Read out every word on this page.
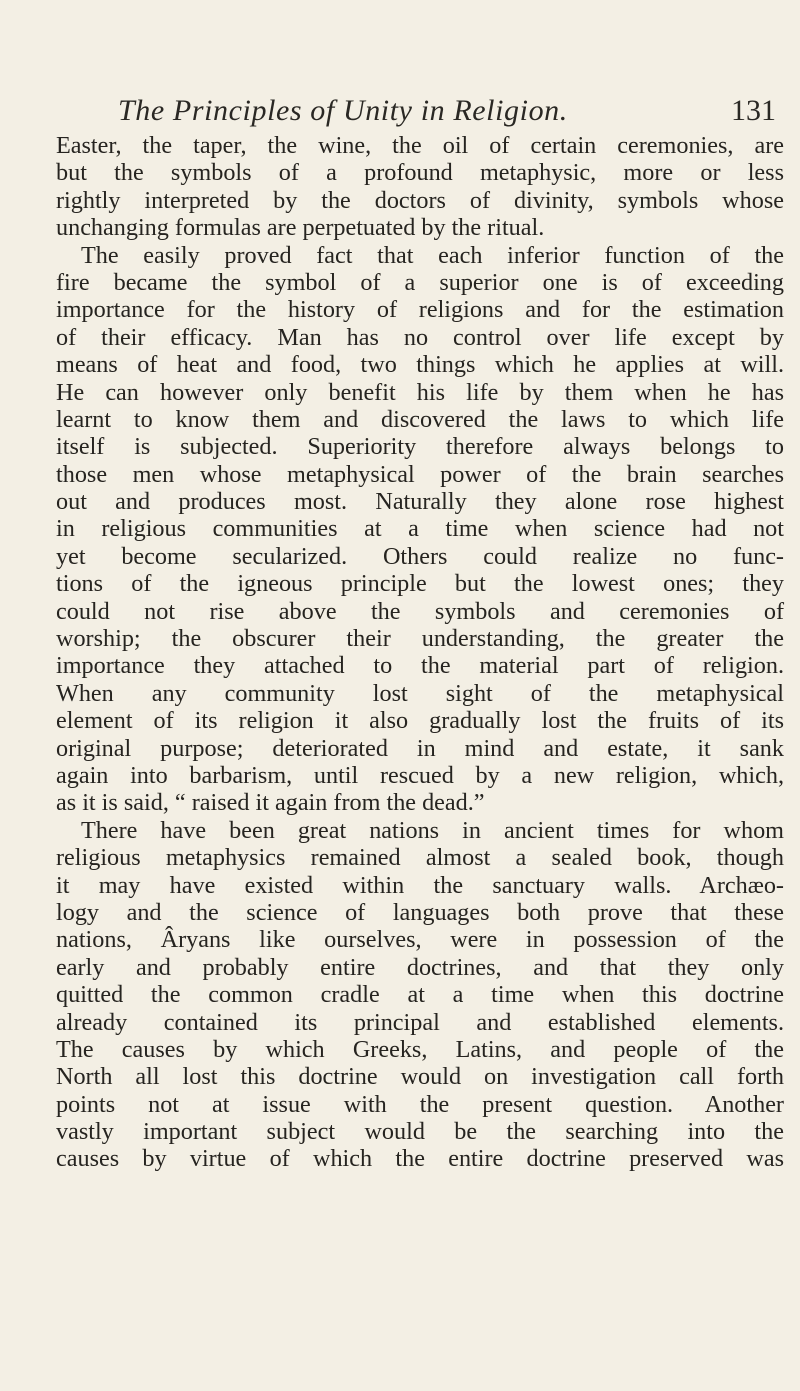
The Principles of Unity in Religion.	131
Easter, the taper, the wine, the oil of certain ceremonies, are
but the symbols of a profound metaphysic, more or less
rightly interpreted by the doctors of divinity, symbols whose
unchanging formulas are perpetuated by the ritual.
The easily proved fact that each inferior function of the
fire became the symbol of a superior one is of exceeding
importance for the history of religions and for the estimation
of their efficacy. Man has no control over life except by
means of heat and food, two things which he applies at will.
He can however only benefit his life by them when he has
learnt to know them and discovered the laws to which life
itself is subjected. Superiority therefore always belongs to
those men whose metaphysical power of the brain searches
out and produces most. Naturally they alone rose highest
in religious communities at a time when science had not
yet become secularized. Others could realize no func-
tions of the igneous principle but the lowest ones; they
could not rise above the symbols and ceremonies of
worship; the obscurer their understanding, the greater the
importance they attached to the material part of religion.
When any community lost sight of the metaphysical
element of its religion it also gradually lost the fruits of its
original purpose; deteriorated in mind and estate, it sank
again into barbarism, until rescued by a new religion, which,
as it is said, “ raised it again from the dead.”
There have been great nations in ancient times for whom
religious metaphysics remained almost a sealed book, though
it may have existed within the sanctuary walls. Archæo-
logy and the science of languages both prove that these
nations, Âryans like ourselves, were in possession of the
early and probably entire doctrines, and that they only
quitted the common cradle at a time when this doctrine
already contained its principal and established elements.
The causes by which Greeks, Latins, and people of the
North all lost this doctrine would on investigation call forth
points not at issue with the present question. Another
vastly important subject would be the searching into the
causes by virtue of which the entire doctrine preserved was
